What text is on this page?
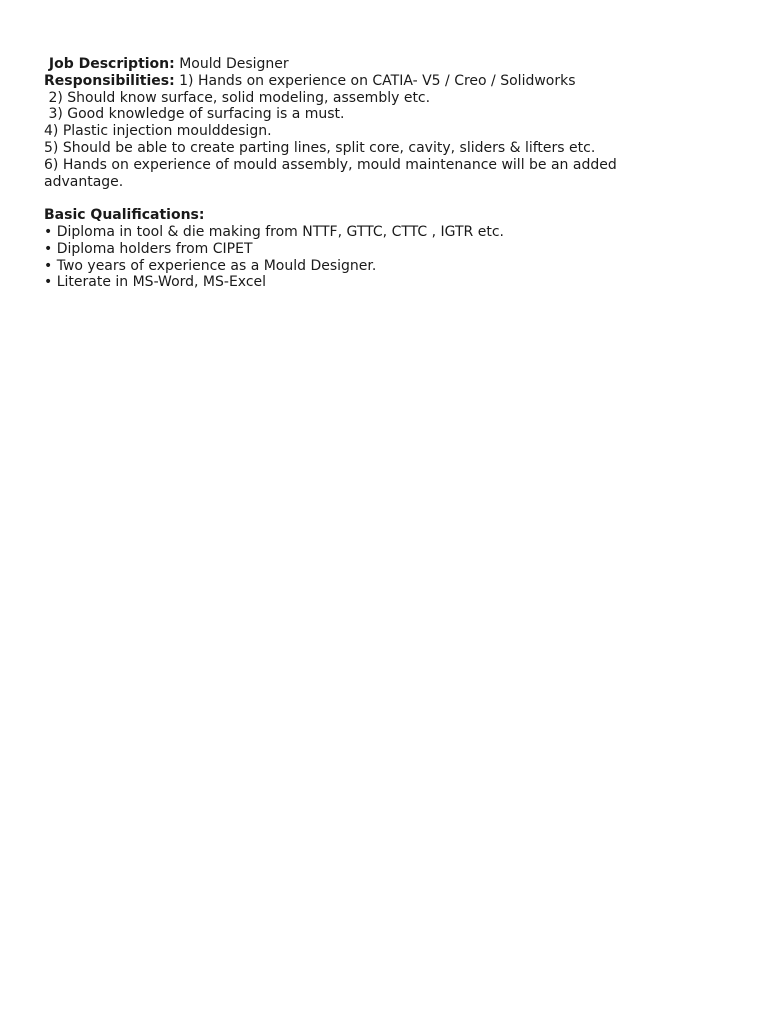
Job Description: Mould Designer
Responsibilities: 1) Hands on experience on CATIA- V5 / Creo / Solidworks
2) Should know surface, solid modeling, assembly etc.
3) Good knowledge of surfacing is a must.
4) Plastic injection moulddesign.
5) Should be able to create parting lines, split core, cavity, sliders & lifters etc.
6) Hands on experience of mould assembly, mould maintenance will be an added advantage.
Basic Qualifications:
• Diploma in tool & die making from NTTF, GTTC, CTTC , IGTR etc.
• Diploma holders from CIPET
• Two years of experience as a Mould Designer.
• Literate in MS-Word, MS-Excel
